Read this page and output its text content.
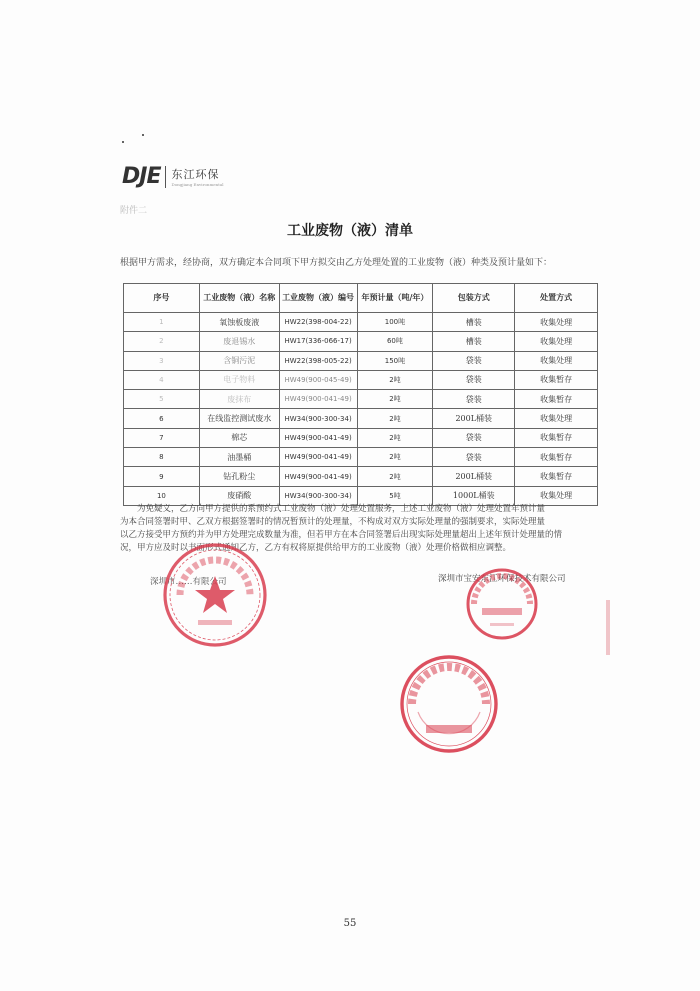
DJE 东江环保
Dongjiang Environmental
附件二
工业废物（液）清单
根据甲方需求，经协商，双方确定本合同项下甲方拟交由乙方处理处置的工业废物（液）种类及预计量如下：
序号	工业废物（液）名称	工业废物（液）编号	年预计量（吨/年）	包装方式	处置方式
1	氧蚀板废液	HW22(398-004-22)	100吨	槽装	收集处理
2	废退锡水	HW17(336-066-17)	60吨	槽装	收集处理
3	含铜污泥	HW22(398-005-22)	150吨	袋装	收集处理
4	电子物料	HW49(900-045-49)	2吨	袋装	收集暂存
5	废抹布	HW49(900-041-49)	2吨	袋装	收集暂存
6	在线监控测试废水	HW34(900-300-34)	2吨	200L桶装	收集处理
7	棉芯	HW49(900-041-49)	2吨	袋装	收集暂存
8	油墨桶	HW49(900-041-49)	2吨	袋装	收集暂存
9	钻孔粉尘	HW49(900-041-49)	2吨	200L桶装	收集暂存
10	废硝酸	HW34(900-300-34)	5吨	1000L桶装	收集处理
为免疑义，乙方向甲方提供的系预约式工业废物（液）处理处置服务，上述工业废物（液）处理处置年预计量
为本合同签署时甲、乙双方根据签署时的情况暂预计的处理量，不构成对双方实际处理量的强制要求，实际处理量
以乙方接受甲方预约并为甲方处理完成数量为准，但若甲方在本合同签署后出现实际处理量超出上述年预计处理量的情
况，甲方应及时以书面形式通知乙方，乙方有权将原提供给甲方的工业废物（液）处理价格做相应调整。
深圳市……有限公司	深圳市宝安东江环保技术有限公司
55
